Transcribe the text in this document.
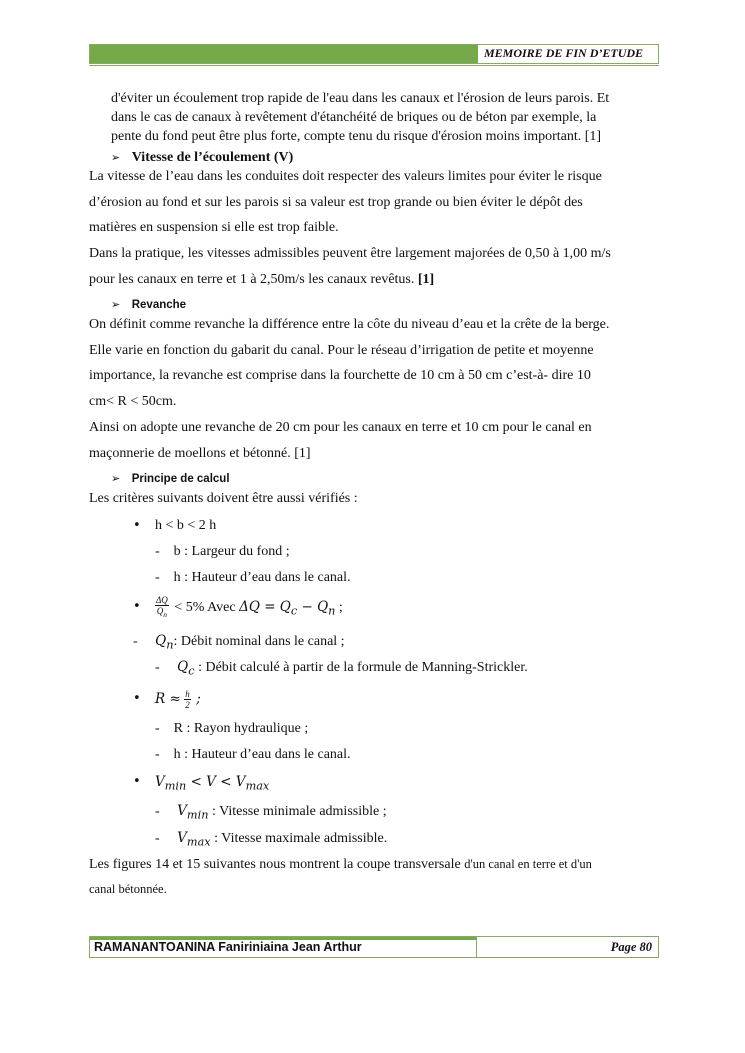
MEMOIRE DE FIN D’ETUDE
d'éviter un écoulement trop rapide de l'eau dans les canaux et l'érosion de leurs parois. Et
dans le cas de canaux à revêtement d'étanchéité de briques ou de béton par exemple, la
pente du fond peut être plus forte, compte tenu du risque d'érosion moins important. [1]
➢ Vitesse de l’écoulement (V)
La vitesse de l’eau dans les conduites doit respecter des valeurs limites pour éviter le risque
d’érosion au fond et sur les parois si sa valeur est trop grande ou bien éviter le dépôt des
matières en suspension si elle est trop faible.
Dans la pratique, les vitesses admissibles peuvent être largement majorées de 0,50 à 1,00 m/s
pour les canaux en terre et 1 à 2,50m/s les canaux revêtus. [1]
➢ Revanche
On définit comme revanche la différence entre la côte du niveau d’eau et la crête de la berge.
Elle varie en fonction du gabarit du canal. Pour le réseau d’irrigation de petite et moyenne
importance, la revanche est comprise dans la fourchette de 10 cm à 50 cm c’est-à- dire 10
cm< R < 50cm.
Ainsi on adopte une revanche de 20 cm pour les canaux en terre et 10 cm pour le canal en
maçonnerie de moellons et bétonné. [1]
➢ Principe de calcul
Les critères suivants doivent être aussi vérifiés :
• h < b < 2 h
- b : Largeur du fond ;
- h : Hauteur d’eau dans le canal.
• $\frac{\Delta Q}{Q_n} < 5\%$ Avec $\Delta Q = Q_c - Q_n$ ;
- $Q_n$: Débit nominal dans le canal ;
- $Q_c$ : Débit calculé à partir de la formule de Manning-Strickler.
• $R \approx \frac{h}{2}$ ;
- R : Rayon hydraulique ;
- h : Hauteur d’eau dans le canal.
• $V_{min} < V < V_{max}$
- $V_{min}$ : Vitesse minimale admissible ;
- $V_{max}$ : Vitesse maximale admissible.
Les figures 14 et 15 suivantes nous montrent la coupe transversale d'un canal en terre et d'un
canal bétonnée.
RAMANANTOANINA Faniriniaina Jean Arthur	Page 80
